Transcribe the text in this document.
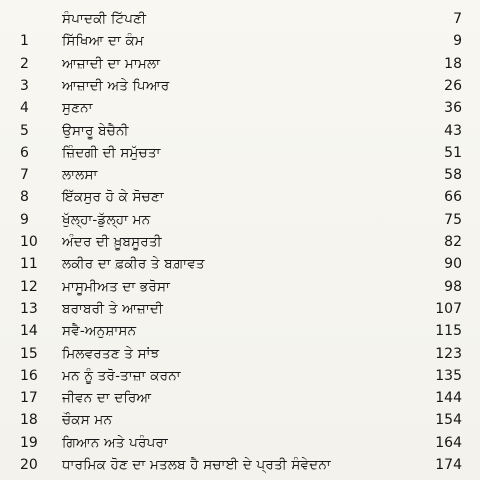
ਸੰਪਾਦਕੀ ਟਿੱਪਣੀ	7
1 ਸਿੱਖਿਆ ਦਾ ਕੰਮ	9
2 ਆਜ਼ਾਦੀ ਦਾ ਮਾਮਲਾ	18
3 ਆਜ਼ਾਦੀ ਅਤੇ ਪਿਆਰ	26
4 ਸੁਣਨਾ	36
5 ਉਸਾਰੂ ਬੇਚੈਨੀ	43
6 ਜ਼ਿੰਦਗੀ ਦੀ ਸਮੁੱਚਤਾ	51
7 ਲਾਲਸਾ	58
8 ਇੱਕਸੁਰ ਹੋ ਕੇ ਸੋਚਣਾ	66
9 ਖੁੱਲ੍ਹਾ-ਡੁੱਲ੍ਹਾ ਮਨ	75
10 ਅੰਦਰ ਦੀ ਖ਼ੂਬਸੂਰਤੀ	82
11 ਲਕੀਰ ਦਾ ਫ਼ਕੀਰ ਤੇ ਬਗ਼ਾਵਤ	90
12 ਮਾਸੂਮੀਅਤ ਦਾ ਭਰੋਸਾ	98
13 ਬਰਾਬਰੀ ਤੇ ਆਜ਼ਾਦੀ	107
14 ਸਵੈ-ਅਨੁਸ਼ਾਸਨ	115
15 ਮਿਲਵਰਤਣ ਤੇ ਸਾਂਝ	123
16 ਮਨ ਨੂੰ ਤਰੋ-ਤਾਜ਼ਾ ਕਰਨਾ	135
17 ਜੀਵਨ ਦਾ ਦਰਿਆ	144
18 ਚੌਕਸ ਮਨ	154
19 ਗਿਆਨ ਅਤੇ ਪਰੰਪਰਾ	164
20 ਧਾਰਮਿਕ ਹੋਣ ਦਾ ਮਤਲਬ ਹੈ ਸਚਾਈ ਦੇ ਪ੍ਰਤੀ ਸੰਵੇਦਨਾ	174
